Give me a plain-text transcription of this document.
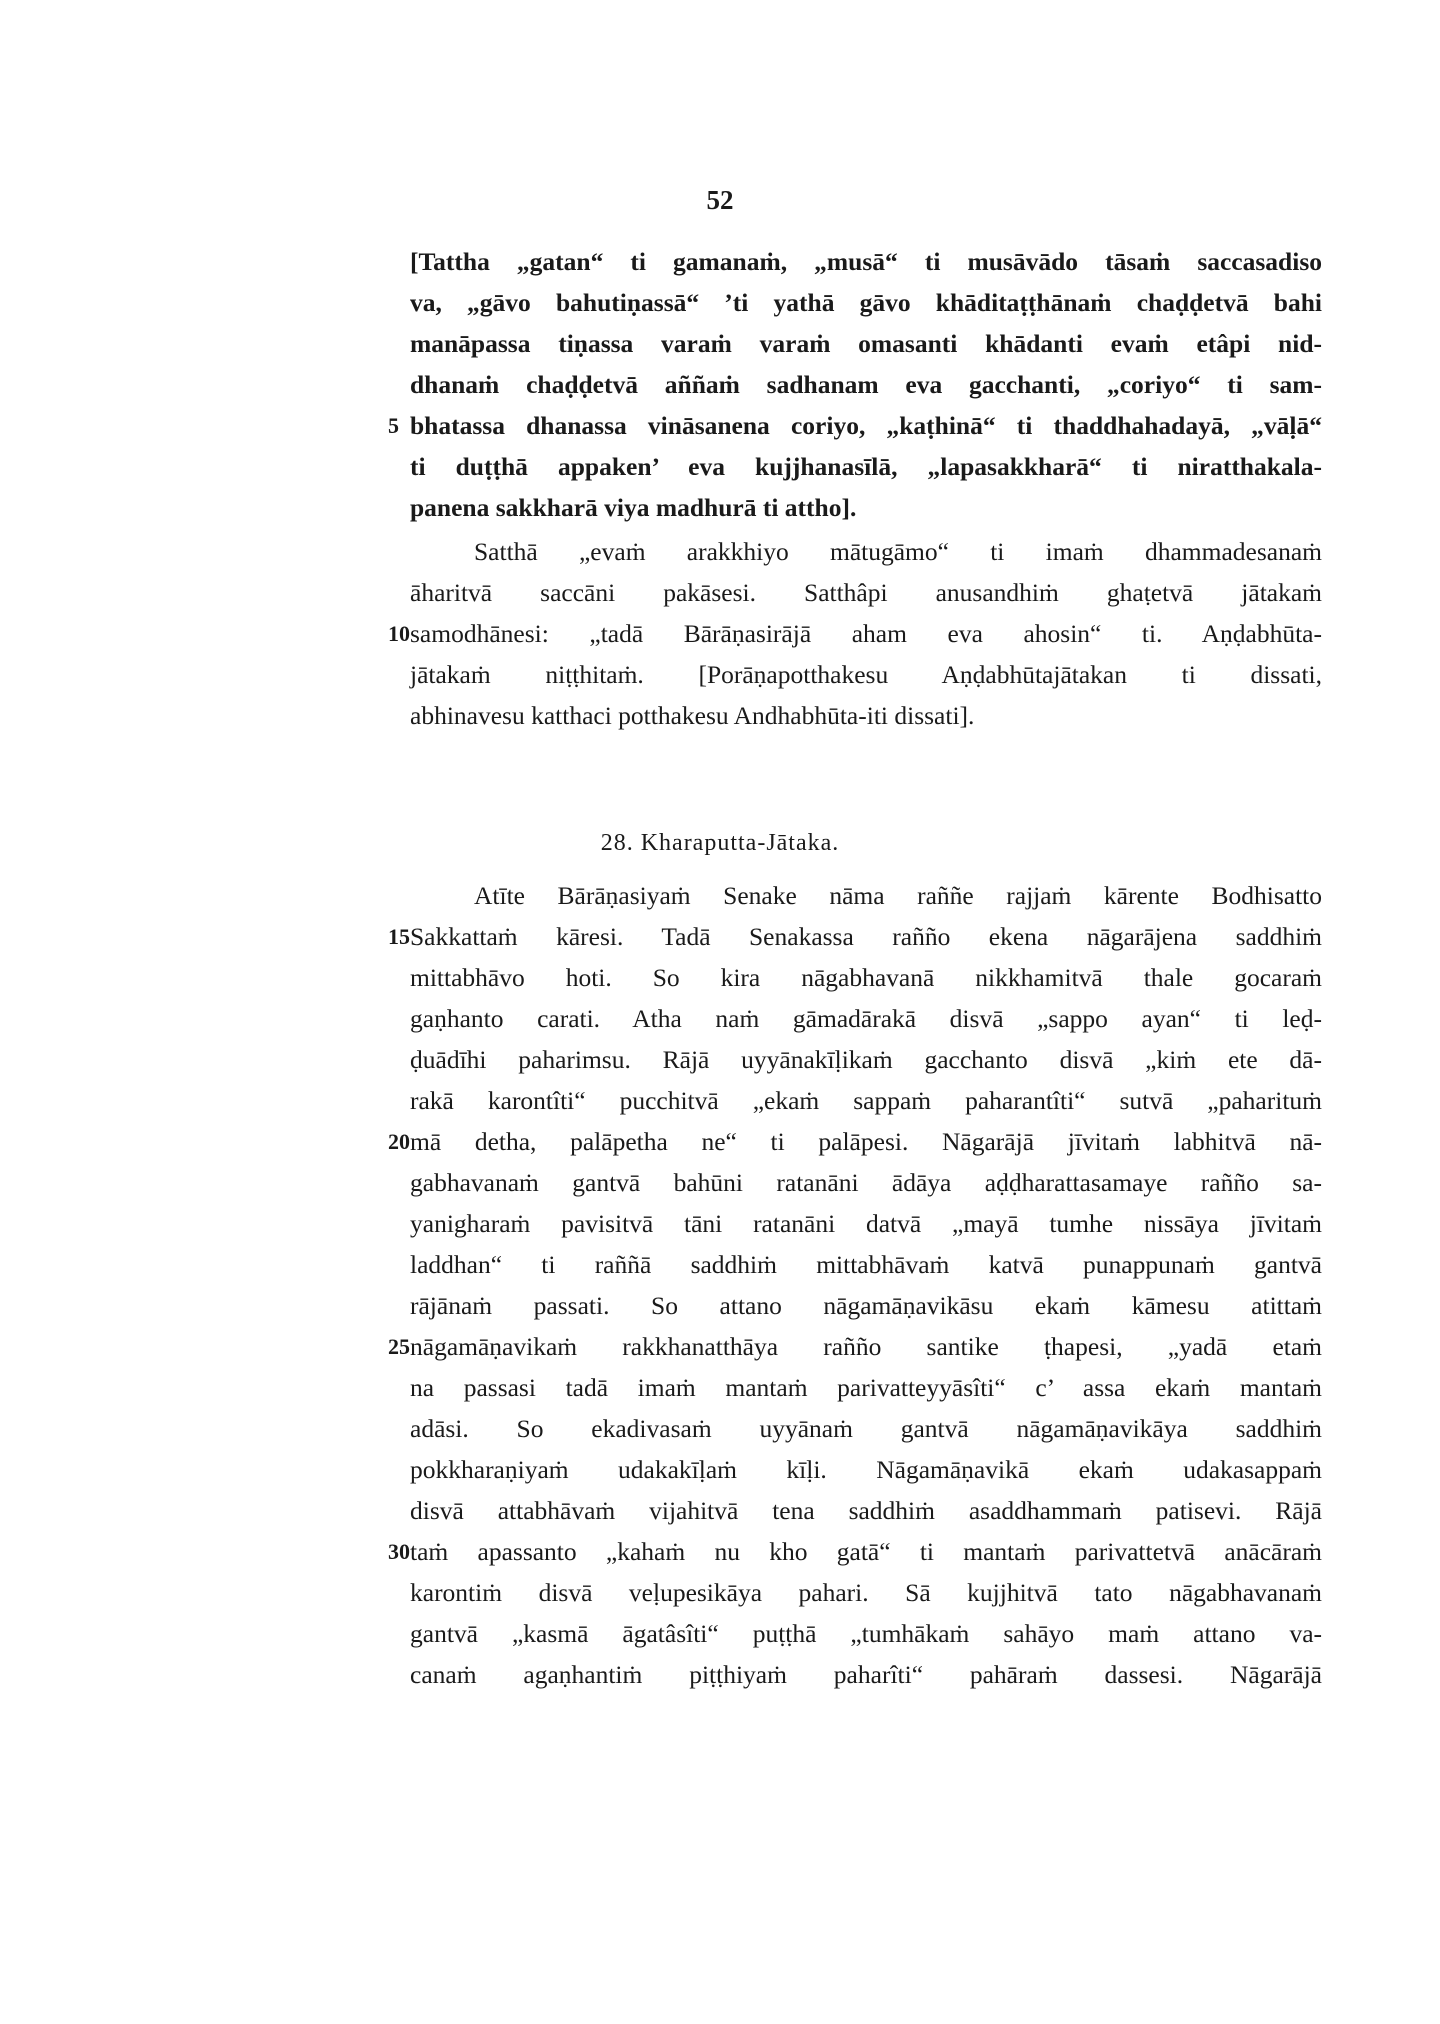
52
[Tattha „gatan“ ti gamanaṁ, „musā“ ti musāvādo tāsaṁ saccasadiso
va, „gāvo bahutiṇassā“ ’ti yathā gāvo khāditaṭṭhānaṁ chaḍḍetvā bahi
manāpassa tiṇassa varaṁ varaṁ omasanti khādanti evaṁ etâpi nid-
dhanaṁ chaḍḍetvā aññaṁ sadhanam eva gacchanti, „coriyo“ ti sam-
5 bhatassa dhanassa vināsanena coriyo, „kaṭhinā“ ti thaddhahadayā, „vāḷā“
ti duṭṭhā appaken’ eva kujjhanasīlā, „lapasakkharā“ ti niratthakala-
panena sakkharā viya madhurā ti attho].
Satthā „evaṁ arakkhiyo mātugāmo“ ti imaṁ dhammadesanaṁ
āharitvā saccāni pakāsesi. Satthâpi anusandhiṁ ghaṭetvā jātakaṁ
10 samodhānesi: „tadā Bārāṇasirājā aham eva ahosin“ ti. Aṇḍabhūta-
jātakaṁ niṭṭhitaṁ. [Porāṇapotthakesu Aṇḍabhūtajātakan ti dissati,
abhinavesu katthaci potthakesu Andhabhūta-iti dissati].
28. Kharaputta-Jātaka.
Atīte Bārāṇasiyaṁ Senake nāma raññe rajjaṁ kārente Bodhisatto
15 Sakkattaṁ kāresi. Tadā Senakassa rañño ekena nāgarājena saddhiṁ
mittabhāvo hoti. So kira nāgabhavanā nikkhamitvā thale gocaraṁ
gaṇhanto carati. Atha naṁ gāmadārakā disvā „sappo ayan“ ti leḍ-
ḍuādīhi paharimsu. Rājā uyyānakīḷikaṁ gacchanto disvā „kiṁ ete dā-
rakā karontîti“ pucchitvā „ekaṁ sappaṁ paharantîti“ sutvā „paharituṁ
20 mā detha, palāpetha ne“ ti palāpesi. Nāgarājā jīvitaṁ labhitvā nā-
gabhavanaṁ gantvā bahūni ratanāni ādāya aḍḍharattasamaye rañño sa-
yanigharaṁ pavisitvā tāni ratanāni datvā „mayā tumhe nissāya jīvitaṁ
laddhan“ ti raññā saddhiṁ mittabhāvaṁ katvā punappunaṁ gantvā
rājānaṁ passati. So attano nāgamāṇavikāsu ekaṁ kāmesu atittaṁ
25 nāgamāṇavikaṁ rakkhanatthāya rañño santike ṭhapesi, „yadā etaṁ
na passasi tadā imaṁ mantaṁ parivatteyyāsîti“ c’ assa ekaṁ mantaṁ
adāsi. So ekadivasaṁ uyyānaṁ gantvā nāgamāṇavikāya saddhiṁ
pokkharaṇiyaṁ udakakīḷaṁ kīḷi. Nāgamāṇavikā ekaṁ udakasappaṁ
disvā attabhāvaṁ vijahitvā tena saddhiṁ asaddhammaṁ patisevi. Rājā
30 taṁ apassanto „kahaṁ nu kho gatā“ ti mantaṁ parivattetvā anācāraṁ
karontiṁ disvā veḷupesikāya pahari. Sā kujjhitvā tato nāgabhavanaṁ
gantvā „kasmā āgatâsîti“ puṭṭhā „tumhākaṁ sahāyo maṁ attano va-
canaṁ agaṇhantiṁ piṭṭhiyaṁ paharîti“ pahāraṁ dassesi. Nāgarājā
